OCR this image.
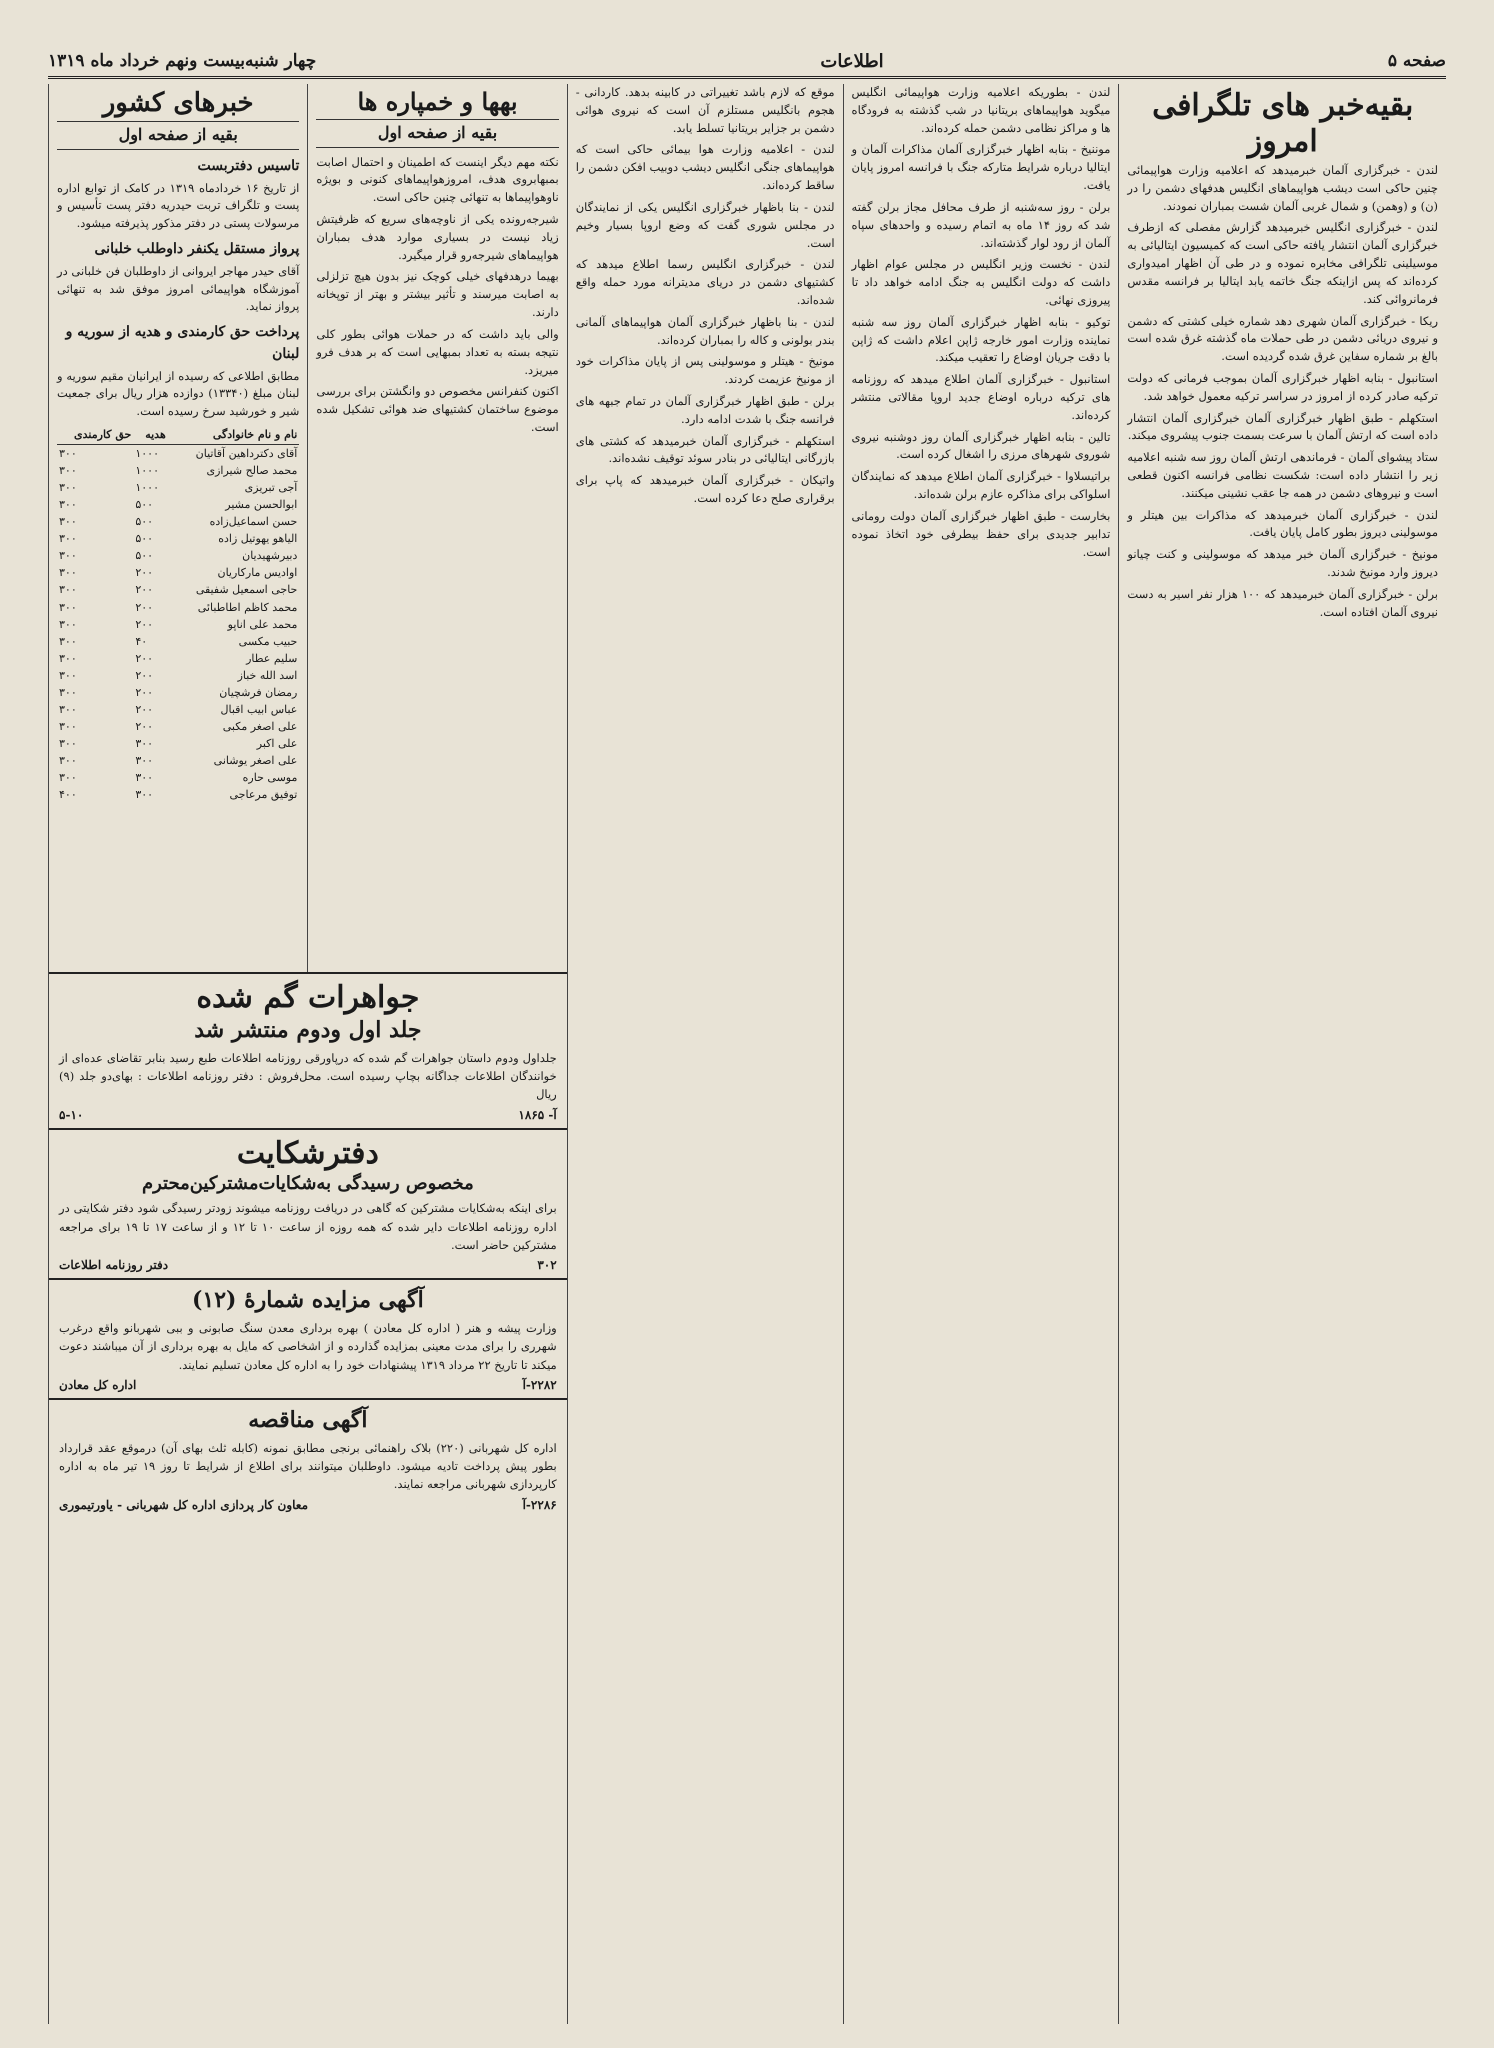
صفحه ۵
اطلاعات
چهار شنبه‌بیست ونهم خرداد ماه ۱۳۱۹
بقیه‌خبر های تلگرافی امروز

لندن - خبرگزاری آلمان خبرمیدهد که اعلامیه وزارت هواپیمائی چنین حاکی است دیشب هواپیماهای انگلیس هدفهای دشمن را در (ن) و (وهمن) و شمال غربی آلمان شست بمباران نمودند.

لندن - خبرگزاری انگلیس خبرمیدهد گزارش مفصلی که ازطرف خبرگزاری آلمان انتشار یافته حاکی است که کمیسیون ایتالیائی به موسیلینی تلگرافی مخابره نموده و در طی آن اظهار امیدواری کرده‌اند که پس ازاینکه جنگ خاتمه یابد ایتالیا بر فرانسه مقدس فرمانروائی کند.

ریکا - خبرگزاری آلمان شهری دهد شماره خیلی کشتی که دشمن و نیروی دریائی دشمن در طی حملات ماه گذشته غرق شده است بالغ بر شماره سفاین غرق شده گردیده است.

استانبول - بنابه اظهار خبرگزاری آلمان بموجب فرمانی که دولت ترکیه صادر کرده از امروز در سراسر ترکیه معمول خواهد شد.

استکهلم - طبق اظهار خبرگزاری آلمان خبرگزاری آلمان انتشار داده است که ارتش آلمان با سرعت بسمت جنوب پیشروی میکند.

ستاد پیشوای آلمان - فرماندهی ارتش آلمان روز سه شنبه اعلامیه زیر را انتشار داده است: شکست نظامی فرانسه اکنون قطعی است و نیروهای دشمن در همه جا عقب نشینی میکنند.

لندن - خبرگزاری آلمان خبرمیدهد که مذاکرات بین هیتلر و موسولینی دیروز بطور کامل پایان یافت.

مونیخ - خبرگزاری آلمان خبر میدهد که موسولینی و کنت چیانو دیروز وارد مونیخ شدند.

برلن - خبرگزاری آلمان خبرمیدهد که ۱۰۰ هزار نفر اسیر به دست نیروی آلمان افتاده است.

لندن - بطوریکه اعلامیه وزارت هواپیمائی انگلیس میگوید هواپیماهای بریتانیا در شب گذشته به فرودگاه ها و مراکز نظامی دشمن حمله کرده‌اند.

موننیخ - بنابه اظهار خبرگزاری آلمان مذاکرات آلمان و ایتالیا درباره شرایط متارکه جنگ با فرانسه امروز پایان یافت.

برلن - روز سه‌شنبه از طرف محافل مجاز برلن گفته شد که روز ۱۴ ماه به اتمام رسیده و واحدهای سپاه آلمان از رود لوار گذشته‌اند.

لندن - نخست وزیر انگلیس در مجلس عوام اظهار داشت که دولت انگلیس به جنگ ادامه خواهد داد تا پیروزی نهائی.

توکیو - بنابه اظهار خبرگزاری آلمان روز سه شنبه نماینده وزارت امور خارجه ژاپن اعلام داشت که ژاپن با دقت جریان اوضاع را تعقیب میکند.

استانبول - خبرگزاری آلمان اطلاع میدهد که روزنامه های ترکیه درباره اوضاع جدید اروپا مقالاتی منتشر کرده‌اند.

تالین - بنابه اظهار خبرگزاری آلمان روز دوشنبه نیروی شوروی شهرهای مرزی را اشغال کرده است.

براتیسلاوا - خبرگزاری آلمان اطلاع میدهد که نمایندگان اسلواکی برای مذاکره عازم برلن شده‌اند.

بخارست - طبق اظهار خبرگزاری آلمان دولت رومانی تدابیر جدیدی برای حفظ بیطرفی خود اتخاذ نموده است.

موقع که لازم باشد تغییراتی در کابینه بدهد. کاردانی - هجوم بانگلیس مستلزم آن است که نیروی هوائی دشمن بر جزایر بریتانیا تسلط یابد.

لندن - اعلامیه وزارت هوا بیمائی حاکی است که هواپیماهای جنگی انگلیس دیشب دوبیب افکن دشمن را ساقط کرده‌اند.

لندن - بنا باظهار خبرگزاری انگلیس یکی از نمایندگان در مجلس شوری گفت که وضع اروپا بسیار وخیم است.

لندن - خبرگزاری انگلیس رسما اطلاع میدهد که کشتیهای دشمن در دریای مدیترانه مورد حمله واقع شده‌اند.

لندن - بنا باظهار خبرگزاری آلمان هواپیماهای آلمانی بندر بولونی و کاله را بمباران کرده‌اند.

مونیخ - هیتلر و موسولینی پس از پایان مذاکرات خود از مونیخ عزیمت کردند.

برلن - طبق اظهار خبرگزاری آلمان در تمام جبهه های فرانسه جنگ با شدت ادامه دارد.

استکهلم - خبرگزاری آلمان خبرمیدهد که کشتی های بازرگانی ایتالیائی در بنادر سوئد توقیف نشده‌اند.

واتیکان - خبرگزاری آلمان خبرمیدهد که پاپ برای برقراری صلح دعا کرده است.

بهها و خمپاره ها
بقیه از صفحه اول

نکته مهم دیگر اینست که اطمینان و احتمال اصابت بمبهابروی هدف، امروزهواپیماهای کنونی و بویژه ناوهواپیماها به تنهائی چنین حاکی است.

شیرجه‌رونده یکی از ناوچه‌های سریع که ظرفیتش زیاد نیست در بسیاری موارد هدف بمباران هواپیماهای شیرجه‌رو قرار میگیرد.

بهیما درهدفهای خیلی کوچک نیز بدون هیچ تزلزلی به اصابت میرسند و تأثیر بیشتر و بهتر از توپخانه دارند.

والی باید داشت که در حملات هوائی بطور کلی نتیجه بسته به تعداد بمبهایی است که بر هدف فرو میریزد.

اکنون کنفرانس مخصوص دو وانگشتن برای بررسی موضوع ساختمان کشتیهای ضد هوائی تشکیل شده است.

خبرهای کشور
بقیه از صفحه اول
تاسیس دفتربست

از تاریخ ۱۶ خردادماه ۱۳۱۹ در کامک از توابع اداره پست و تلگراف تربت حیدریه دفتر پست تأسیس و مرسولات پستی در دفتر مذکور پذیرفته میشود.

پرواز مستقل یکنفر داوطلب خلبانی

آقای حیدر مهاجر ایروانی از داوطلبان فن خلبانی در آموزشگاه هواپیمائی امروز موفق شد به تنهائی پرواز نماید.

پرداخت حق کارمندی و هدیه از سوریه و لبنان

مطابق اطلاعی که رسیده از ایرانیان مقیم سوریه و لبنان مبلغ (۱۳۳۴۰) دوازده هزار ریال برای جمعیت شیر و خورشید سرخ رسیده است.

نام و نام خانوادگی	هدیه	حق کارمندی
آقای دکترداهین آقاتیان	۱۰۰۰	۳۰۰
محمد صالح شیرازی	۱۰۰۰	۳۰۰
آجی تبریزی	۱۰۰۰	۳۰۰
ابوالحسن مشیر	۵۰۰	۳۰۰
حسن اسماعیل‌زاده	۵۰۰	۳۰۰
الیاهو یهوتیل زاده	۵۰۰	۳۰۰
دبیرشهیدیان	۵۰۰	۳۰۰
اوادیس مارکاریان	۲۰۰	۳۰۰
حاجی اسمعیل شفیقی	۲۰۰	۳۰۰
محمد کاظم اطاطبائی	۲۰۰	۳۰۰
محمد علی اناپو	۲۰۰	۳۰۰
حبیب مکسی	۴۰	۳۰۰
سلیم عطار	۲۰۰	۳۰۰
اسد الله خباز	۲۰۰	۳۰۰
رمضان فرشچیان	۲۰۰	۳۰۰
عباس ابیب اقبال	۲۰۰	۳۰۰
علی اصغر مکبی	۲۰۰	۳۰۰
علی اکبر	۳۰۰	۳۰۰
علی اصغر یوشانی	۳۰۰	۳۰۰
موسی حاره	۳۰۰	۳۰۰
توفیق مرعاجی	۳۰۰	۴۰۰
جواهرات گم شده
جلد اول ودوم منتشر شد
جلداول ودوم داستان جواهرات گم شده که درپاورقی روزنامه اطلاعات طبع رسید بنابر تقاضای عده‌ای از خوانندگان اطلاعات جداگانه بچاپ رسیده است. محل‌فروش : دفتر روزنامه اطلاعات : بهای‌دو جلد (۹) ریال
آ- ۱۸۶۵
۵-۱۰
دفترشکایت
مخصوص رسیدگی به‌شکایات‌مشترکین‌محترم
برای اینکه به‌شکایات مشترکین که گاهی در دریافت روزنامه میشوند زودتر رسیدگی شود دفتر شکایتی در اداره روزنامه اطلاعات دایر شده که همه روزه از ساعت ۱۰ تا ۱۲ و از ساعت ۱۷ تا ۱۹ برای مراجعه مشترکین حاضر است.
۳۰۲
دفتر روزنامه اطلاعات
آگهی مزایده شمارهٔ (۱۲)
وزارت پیشه و هنر ( اداره کل معادن ) بهره برداری معدن سنگ صابونی و ببی شهربانو واقع درغرب شهرری را برای مدت معینی بمزایده گذارده و از اشخاصی که مایل به بهره برداری از آن میباشند دعوت میکند تا تاریخ ۲۲ مرداد ۱۳۱۹ پیشنهادات خود را به اداره کل معادن تسلیم نمایند.
۲۲۸۲-آ
اداره کل معادن
آگهی مناقصه
اداره کل شهربانی (۲۲۰) بلاک راهنمائی برنجی مطابق نمونه (کابله ثلث بهای آن) درموقع عقد قرارداد بطور پیش پرداخت تادیه میشود. داوطلبان میتوانند برای اطلاع از شرایط تا روز ۱۹ تیر ماه به اداره کارپردازی شهربانی مراجعه نمایند.
۲۲۸۶-آ
معاون کار پردازی اداره کل شهربانی - یاورتیموری
